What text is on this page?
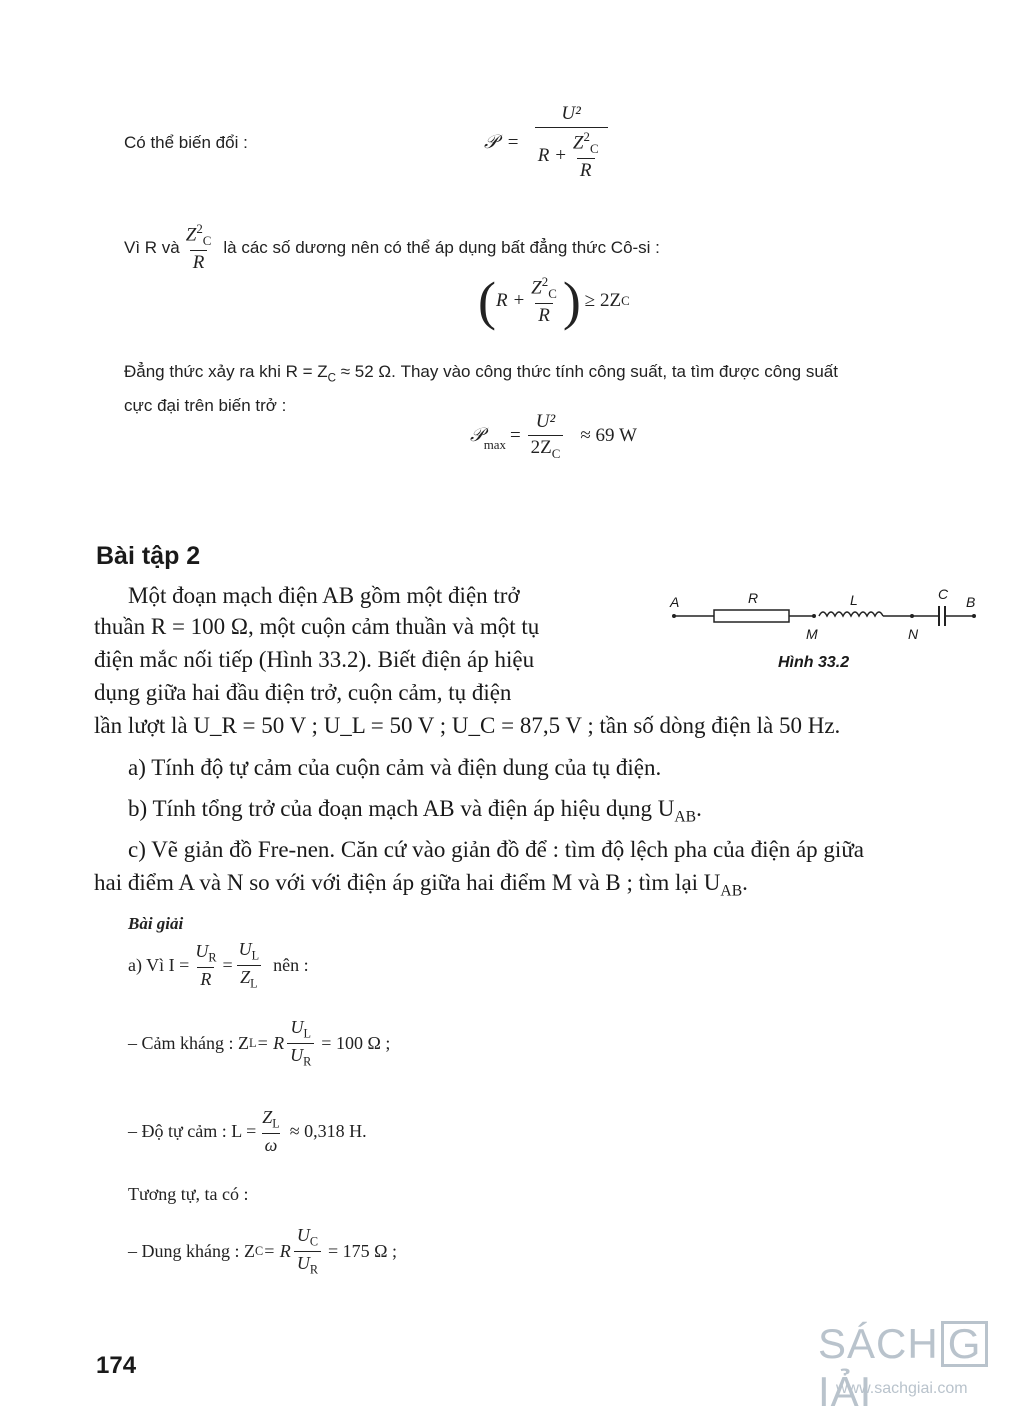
Có thể biến đổi :	𝒫 = $\frac{\text{U²}}{R + \frac{Z^2_C}{R}}$
Vì R và $\frac{Z^2_C}{R}$ là các số dương nên có thể áp dụng bất đẳng thức Cô-si :
( $R + \frac{Z^2_C}{R}$ ) ≥ 2Z C
Đẳng thức xảy ra khi $R = Z_C \approx 52$ Ω. Thay vào công thức tính công suất, ta tìm được công suất
cực đại trên biến trở :
𝒫$_{max}$ = $\frac{\text{U²}}{2Z_C} \approx 69$ W
Bài tập 2
Một đoạn mạch điện AB gồm một điện trở
thuần R = 100 Ω, một cuộn cảm thuần và một tụ
điện mắc nối tiếp (Hình 33.2). Biết điện áp hiệu
dụng giữa hai đầu điện trở, cuộn cảm, tụ điện
lần lượt là U_R = 50 V ; U_L = 50 V ; U_C = 87,5 V ; tần số dòng điện là 50 Hz.
a) Tính độ tự cảm của cuộn cảm và điện dung của tụ điện.
b) Tính tổng trở của đoạn mạch AB và điện áp hiệu dụng $U_{AB}$.
c) Vẽ giản đồ Fre-nen. Căn cứ vào giản đồ để : tìm độ lệch pha của điện áp giữa
hai điểm A và N so với với điện áp giữa hai điểm M và B ; tìm lại $U_{AB}$.
A	R	L	C B
M	N
Hình 33.2
Bài giải
a) Vì $I = \frac{U_R}{R} = \frac{U_L}{Z_L}$ nên :
– Cảm kháng : Z L = R $\frac{U_L}{U_R} = 100$ Ω ;
– Độ tự cảm : $L = \frac{Z_L}{\omega} \approx 0,318$ H.
Tương tự, ta có :
– Dung kháng : Z C = R $\frac{U_C}{U_R} = 175$ Ω ;
174	SÁCH GIẢI
www.sachgiai.com
